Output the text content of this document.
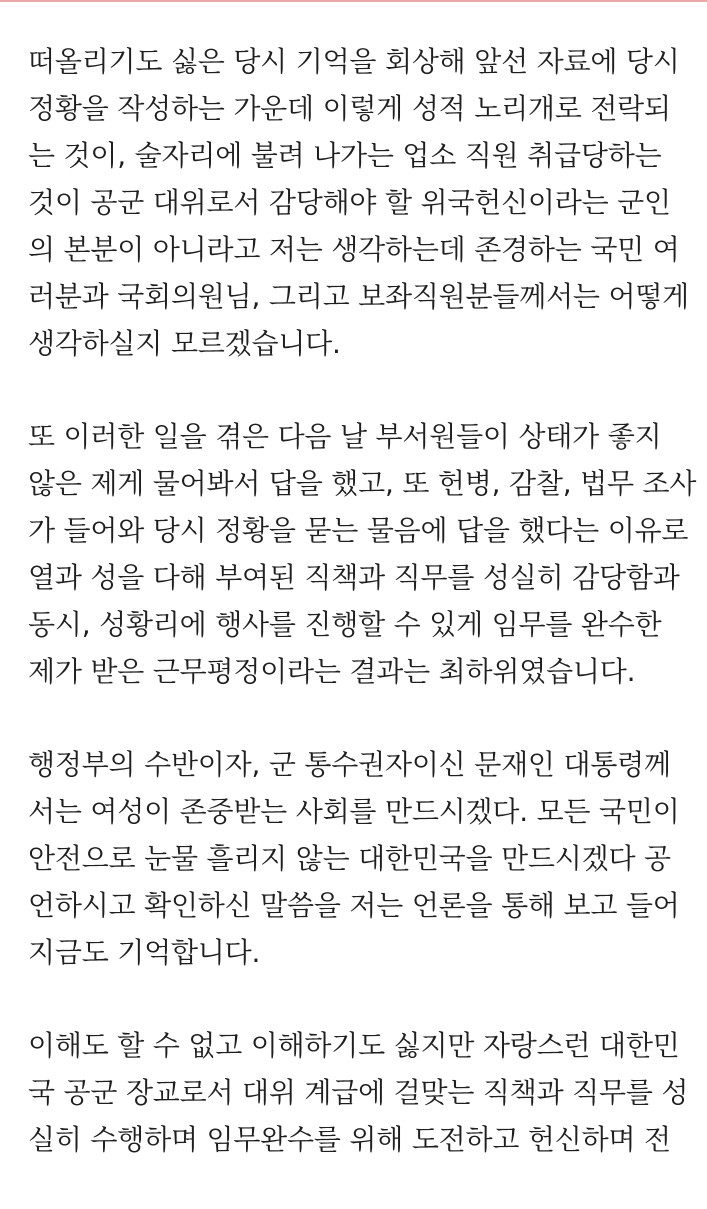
떠올리기도 싫은 당시 기억을 회상해 앞선 자료에 당시
정황을 작성하는 가운데 이렇게 성적 노리개로 전락되
는 것이, 술자리에 불려 나가는 업소 직원 취급당하는
것이 공군 대위로서 감당해야 할 위국헌신이라는 군인
의 본분이 아니라고 저는 생각하는데 존경하는 국민 여
러분과 국회의원님, 그리고 보좌직원분들께서는 어떻게
생각하실지 모르겠습니다.
또 이러한 일을 겪은 다음 날 부서원들이 상태가 좋지
않은 제게 물어봐서 답을 했고, 또 헌병, 감찰, 법무 조사
가 들어와 당시 정황을 묻는 물음에 답을 했다는 이유로
열과 성을 다해 부여된 직책과 직무를 성실히 감당함과
동시, 성황리에 행사를 진행할 수 있게 임무를 완수한
제가 받은 근무평정이라는 결과는 최하위였습니다.
행정부의 수반이자, 군 통수권자이신 문재인 대통령께
서는 여성이 존중받는 사회를 만드시겠다. 모든 국민이
안전으로 눈물 흘리지 않는 대한민국을 만드시겠다 공
언하시고 확인하신 말씀을 저는 언론을 통해 보고 들어
지금도 기억합니다.
이해도 할 수 없고 이해하기도 싫지만 자랑스런 대한민
국 공군 장교로서 대위 계급에 걸맞는 직책과 직무를 성
실히 수행하며 임무완수를 위해 도전하고 헌신하며 전
